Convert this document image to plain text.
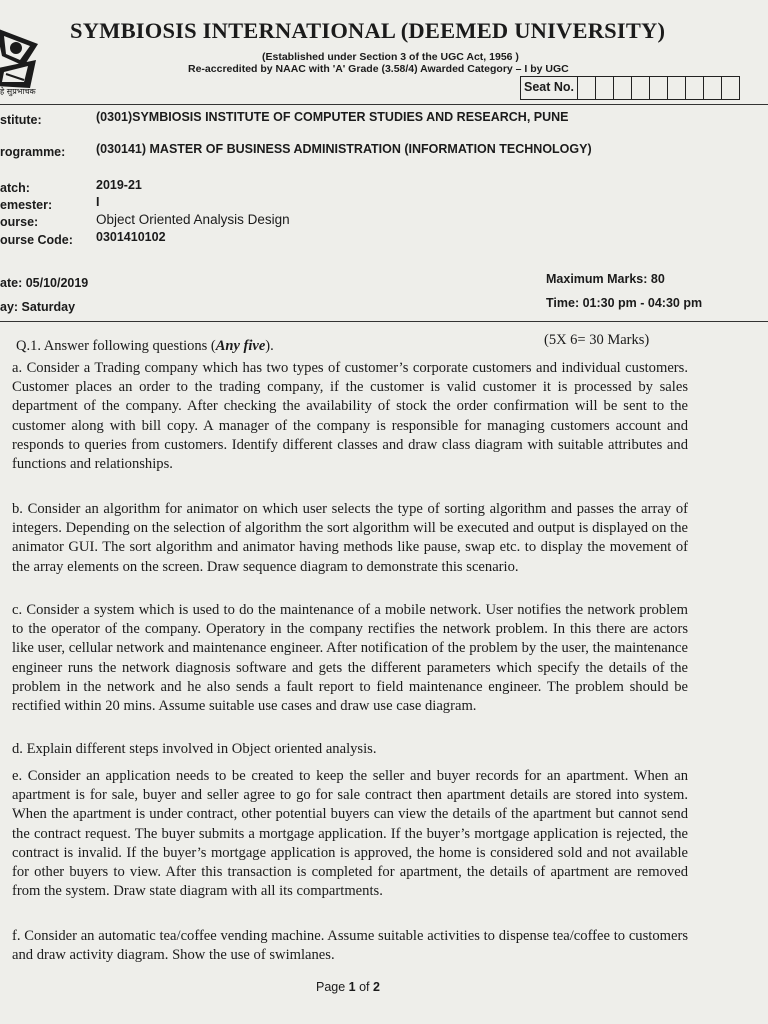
हे सुप्रभाचक
SYMBIOSIS INTERNATIONAL (DEEMED UNIVERSITY)
(Established under Section 3 of the UGC Act, 1956 )
Re-accredited by NAAC with 'A' Grade (3.58/4) Awarded Category – I by UGC
Seat No.
stitute:	(0301)SYMBIOSIS INSTITUTE OF COMPUTER STUDIES AND RESEARCH, PUNE
rogramme: (030141) MASTER OF BUSINESS ADMINISTRATION (INFORMATION TECHNOLOGY)
atch:	2019-21
emester:	I
ourse:	Object Oriented Analysis Design
ourse Code: 0301410102
ate: 05/10/2019
ay: Saturday
Maximum Marks: 80
Time: 01:30 pm - 04:30 pm
Q.1. Answer following questions (Any five).	(5X 6= 30 Marks)
a. Consider a Trading company which has two types of customer’s corporate customers and individual customers. Customer places an order to the trading company, if the customer is valid customer it is processed by sales department of the company. After checking the availability of stock the order confirmation will be sent to the customer along with bill copy. A manager of the company is responsible for managing customers account and responds to queries from customers. Identify different classes and draw class diagram with suitable attributes and functions and relationships.
b. Consider an algorithm for animator on which user selects the type of sorting algorithm and passes the array of integers. Depending on the selection of algorithm the sort algorithm will be executed and output is displayed on the animator GUI. The sort algorithm and animator having methods like pause, swap etc. to display the movement of the array elements on the screen. Draw sequence diagram to demonstrate this scenario.
c. Consider a system which is used to do the maintenance of a mobile network. User notifies the network problem to the operator of the company. Operatory in the company rectifies the network problem. In this there are actors like user, cellular network and maintenance engineer. After notification of the problem by the user, the maintenance engineer runs the network diagnosis software and gets the different parameters which specify the details of the problem in the network and he also sends a fault report to field maintenance engineer. The problem should be rectified within 20 mins. Assume suitable use cases and draw use case diagram.
d. Explain different steps involved in Object oriented analysis.
e. Consider an application needs to be created to keep the seller and buyer records for an apartment. When an apartment is for sale, buyer and seller agree to go for sale contract then apartment details are stored into system. When the apartment is under contract, other potential buyers can view the details of the apartment but cannot send the contract request. The buyer submits a mortgage application. If the buyer’s mortgage application is rejected, the contract is invalid. If the buyer’s mortgage application is approved, the home is considered sold and not available for other buyers to view. After this transaction is completed for apartment, the details of apartment are removed from the system. Draw state diagram with all its compartments.
f. Consider an automatic tea/coffee vending machine. Assume suitable activities to dispense tea/coffee to customers and draw activity diagram. Show the use of swimlanes.
Page 1 of 2
